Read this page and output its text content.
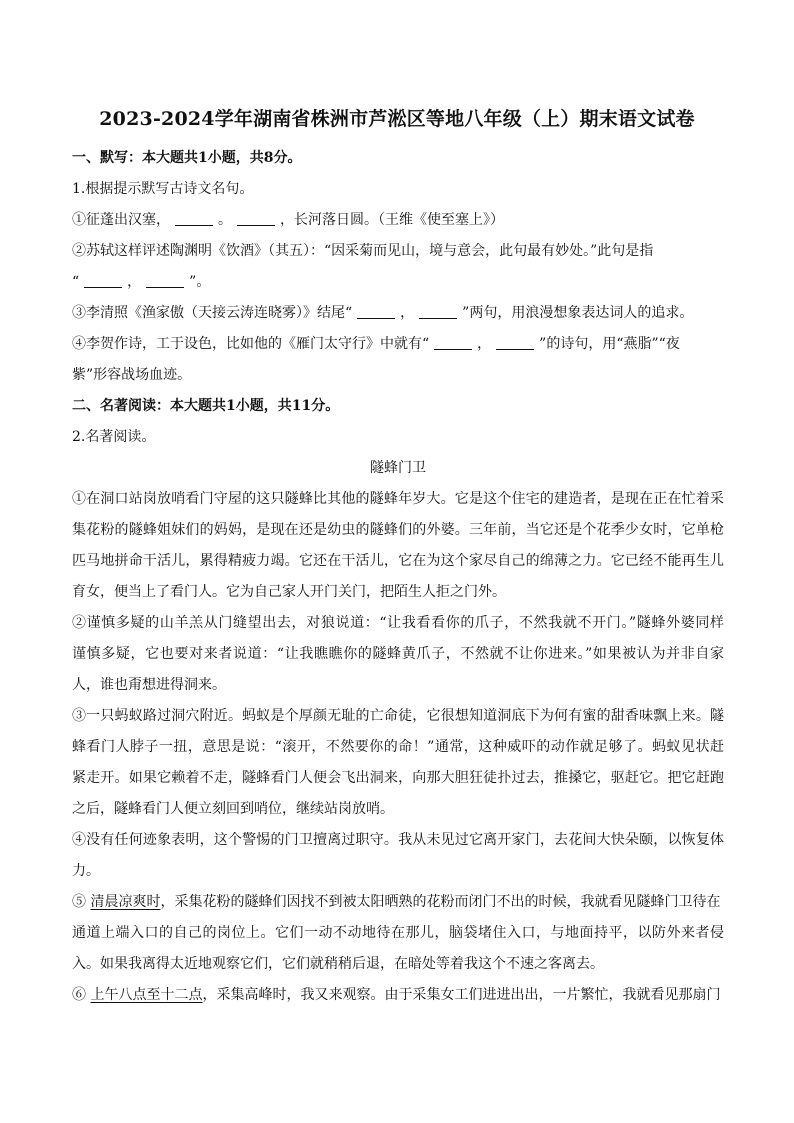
2023-2024学年湖南省株洲市芦淞区等地八年级（上）期末语文试卷
一、默写：本大题共1小题，共8分。
1.根据提示默写古诗文名句。
①征蓬出汉塞，	。	，长河落日圆。（王维《使至塞上》）
②苏轼这样评述陶渊明《饮酒》（其五）：“因采菊而见山，境与意会，此句最有妙处。”此句是指
“	，	”。
③李清照《渔家傲（天接云涛连晓雾）》结尾“	，	”两句，用浪漫想象表达词人的追求。
④李贺作诗，工于设色，比如他的《雁门太守行》中就有“	，	”的诗句，用“燕脂”“夜
紫”形容战场血迹。
二、名著阅读：本大题共1小题，共11分。
2.名著阅读。
隧蜂门卫
①在洞口站岗放哨看门守屋的这只隧蜂比其他的隧蜂年岁大。它是这个住宅的建造者，是现在正在忙着采
集花粉的隧蜂姐妹们的妈妈，是现在还是幼虫的隧蜂们的外婆。三年前，当它还是个花季少女时，它单枪
匹马地拼命干活儿，累得精疲力竭。它还在干活儿，它在为这个家尽自己的绵薄之力。它已经不能再生儿
育女，便当上了看门人。它为自己家人开门关门，把陌生人拒之门外。
②谨慎多疑的山羊羔从门缝望出去，对狼说道：“让我看看你的爪子，不然我就不开门。”隧蜂外婆同样
谨慎多疑，它也要对来者说道：“让我瞧瞧你的隧蜂黄爪子，不然就不让你进来。”如果被认为并非自家
人，谁也甭想进得洞来。
③一只蚂蚁路过洞穴附近。蚂蚁是个厚颜无耻的亡命徒，它很想知道洞底下为何有蜜的甜香味飘上来。隧
蜂看门人脖子一扭，意思是说：“滚开，不然要你的命！”通常，这种威吓的动作就足够了。蚂蚁见状赶
紧走开。如果它赖着不走，隧蜂看门人便会飞出洞来，向那大胆狂徒扑过去，推搡它，驱赶它。把它赶跑
之后，隧蜂看门人便立刻回到哨位，继续站岗放哨。
④没有任何迹象表明，这个警惕的门卫擅离过职守。我从未见过它离开家门，去花间大快朵颐，以恢复体
力。
⑤ 清晨凉爽时，采集花粉的隧蜂们因找不到被太阳晒熟的花粉而闭门不出的时候，我就看见隧蜂门卫待在
通道上端入口的自己的岗位上。它们一动不动地待在那儿，脑袋堵住入口，与地面持平，以防外来者侵
入。如果我离得太近地观察它们，它们就稍稍后退，在暗处等着我这个不速之客离去。
⑥ 上午八点至十二点，采集高峰时，我又来观察。由于采集女工们进进出出，一片繁忙，我就看见那扇门
